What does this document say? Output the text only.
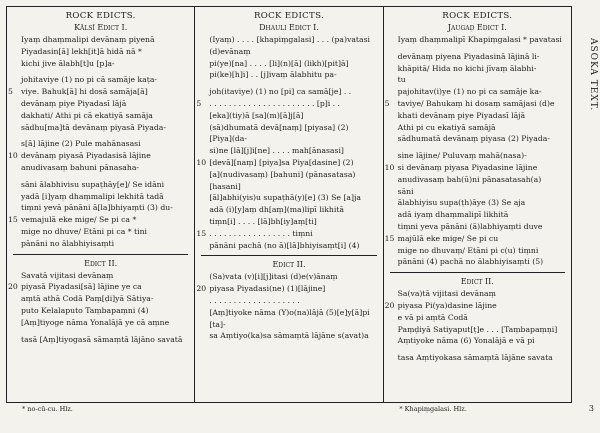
ROCK EDICTS.
Kālsī Edict I.
Iyaṃ dhaṃmalipi devānaṃ piyenā
Piyadasin[ā] lekh[it]ā hidā nā *
kichi jive ālabh[t]u [p]a-
johitaviye (1) no pi cā samāje kaṭa-
5 viye. Bahuk[ā] hi dosā samāja[ā]
devānaṃ piye Piyadasī lājā
dakhati/ Athi pi cā ekatiyā samāja
sādhu[ma]tā devānaṃ piyasā Piyada-
s[ā] lājine (2) Pule mahānasasi
10 devānaṃ piyasā Piyadasisā lājine
anudivasaṃ bahuni pānasaha-
sāni ālabhivisu supaṭhāy[e]/ Se idāni
yadā [i]yaṃ dhaṃmalipi lekhitā tadā
tiṃni yevā pānāni ā[la]bhiyaṃti (3) du-
15 vemajulā eke mige/ Se pi ca *
mige no dhuve/ Etāni pi ca * tini
pānāni no ālabhiyisaṃti
Edict II.
Savatā vijitasi devānaṃ
20 piyasā Piyadasi[sā] lājine ye ca
aṃtā athā Codā Paṃ[ḍi]yā Sātiya-
puto Kelalaputo Taṃbapaṃni (4)
[Aṃ]tiyoge nāma Yonalājā ye cā aṃne
tasā [Aṃ]tiyogasā sāmaṃtā lājāno savatā
ROCK EDICTS.
Dhauli Edict I.
(Iyaṃ) . . . . [khapiṃgalasi] . . . (pa)vatasi
(d)evānaṃ
pi(ye)[na] . . . . [li](n)[ā] (likh)[pit]ā]
pi(ke)[h]i] . . [j]ivaṃ ālabhitu pa-
joh(itaviye) (1) no [pi] ca samā[je] . .
5 . . . . . . . . . . . . . . . . . . . . . . [p]i . .
[eka](tiy)ā [sa](m)[ā]j[ā]
(sā)dhumatā devā[naṃ] [piyasa] (2)
[Piya](da-
si)ne [lā][j]i[ne] . . . . mah[ānasasi]
10 [devā][naṃ] [piya]sa Piya[dasine] (2)
[a](nudivasaṃ) [bahuni] (pānasatasa)
[hasani]
[āl]abhi(yis)u supaṭhā(y)[e] (3) Se [a]ja
adā (i)[y]aṃ dh[aṃ](ma)lipī likhitā
tiṃn[i] . . . . [lā]bh[iy]aṃ[ti]
15 . . . . . . . . . . . . . . . . . tiṃni
pānāni pachā (no ā)[lā]bhiyisaṃt[i] (4)
Edict II.
(Sa)vata (v)[i][j]itasi (d)e(v)ānaṃ
20 piyasa Piyadasi(ne) (1)[lājine]
. . . . . . . . . . . . . . . . . . .
[Aṃ]tiyoke nāma (Y)o(na)lājā (5)[e]y[ā]pi
[ta]-
sa Aṃtiyo(ka)sa sāmaṃtā lājāne s(avat)a
ROCK EDICTS.
Jaugaḍ Edict I.
Iyaṃ dhaṃmalipī Khapiṃgalasi * pavatasi
devānaṃ piyena Piyadasinā lājinā li-
khāpitā/ Hida no kichi jīvaṃ ālabhi-
tu
pajohitav(i)ye (1) no pi ca samāje ka-
5 taviye/ Bahukaṃ hi dosaṃ samājasi (d)e
khati devānaṃ piye Piyadasī lājā
Athi pi cu ekatiyā samājā
sādhumatā devānaṃ piyasa (2) Piyada-
sine lājine/ Puluvaṃ mahā(nasa)-
10 si devānaṃ piyasa Piyadasine lājine
anudivasaṃ bah(ū)ni pānasatasah(a)
sāni
ālabhiyisu supa(ṭh)āye (3) Se aja
adā iyaṃ dhaṃmalipī likhitā
tiṃni yeva pānāni (ā)labhiyaṃti duve
15 majūlā eke mige/ Se pi cu
mige no dhuvaṃ/ Etāni pi c(u) tiṃni
pānāni (4) pachā no ālabhiyisaṃti (5)
Edict II.
Sa(va)tā vijitasi devānaṃ
20 piyasa Pi(ya)dasine lājine
e vā pi aṃtā Codā
Paṃḍiyā Satiyaput[ṭ]e . . . [Taṃbapaṃṇi]
Aṃtiyoke nāma (6) Yonalājā e vā pi
tasa Aṃtiyokasa sāmaṃtā lājāne savata
* no-cū-cu. Hlz.	* Khapiṃgalasi. Hlz.
ASOKA TEXT.
3
